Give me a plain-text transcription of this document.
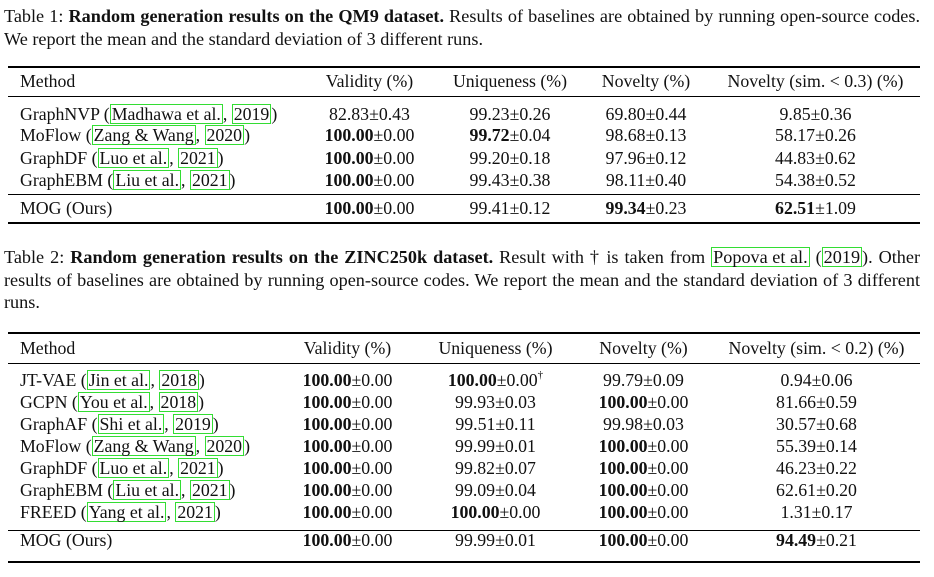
Table 1: Random generation results on the QM9 dataset. Results of baselines are obtained by running open-source codes. We report the mean and the standard deviation of 3 different runs.
Method	Validity (%)	Uniqueness (%)	Novelty (%)	Novelty (sim. < 0.3) (%)
GraphNVP ( Madhawa et al. , 2019 )	82.83±0.43	99.23±0.26	69.80±0.44	9.85±0.36
MoFlow ( Zang & Wang , 2020 )	100.00±0.00	99.72±0.04	98.68±0.13	58.17±0.26
GraphDF ( Luo et al. , 2021 )	100.00±0.00	99.20±0.18	97.96±0.12	44.83±0.62
GraphEBM ( Liu et al. , 2021 )	100.00±0.00	99.43±0.38	98.11±0.40	54.38±0.52

MOG (Ours)	100.00±0.00	99.41±0.12	99.34±0.23	62.51±1.09
Table 2: Random generation results on the ZINC250k dataset. Result with † is taken from Popova et al. ( 2019 ). Other results of baselines are obtained by running open-source codes. We report the mean and the standard deviation of 3 different runs.
Method	Validity (%)	Uniqueness (%)	Novelty (%)	Novelty (sim. < 0.2) (%)
JT-VAE ( Jin et al. , 2018 )	100.00±0.00	100.00±0.00†	99.79±0.09	0.94±0.06
GCPN ( You et al. , 2018 )	100.00±0.00	99.93±0.03	100.00±0.00	81.66±0.59
GraphAF ( Shi et al. , 2019 )	100.00±0.00	99.51±0.11	99.98±0.03	30.57±0.68
MoFlow ( Zang & Wang , 2020 )	100.00±0.00	99.99±0.01	100.00±0.00	55.39±0.14
GraphDF ( Luo et al. , 2021 )	100.00±0.00	99.82±0.07	100.00±0.00	46.23±0.22
GraphEBM ( Liu et al. , 2021 )	100.00±0.00	99.09±0.04	100.00±0.00	62.61±0.20
FREED ( Yang et al. , 2021 )	100.00±0.00	100.00±0.00	100.00±0.00	1.31±0.17

MOG (Ours)	100.00±0.00	99.99±0.01	100.00±0.00	94.49±0.21
